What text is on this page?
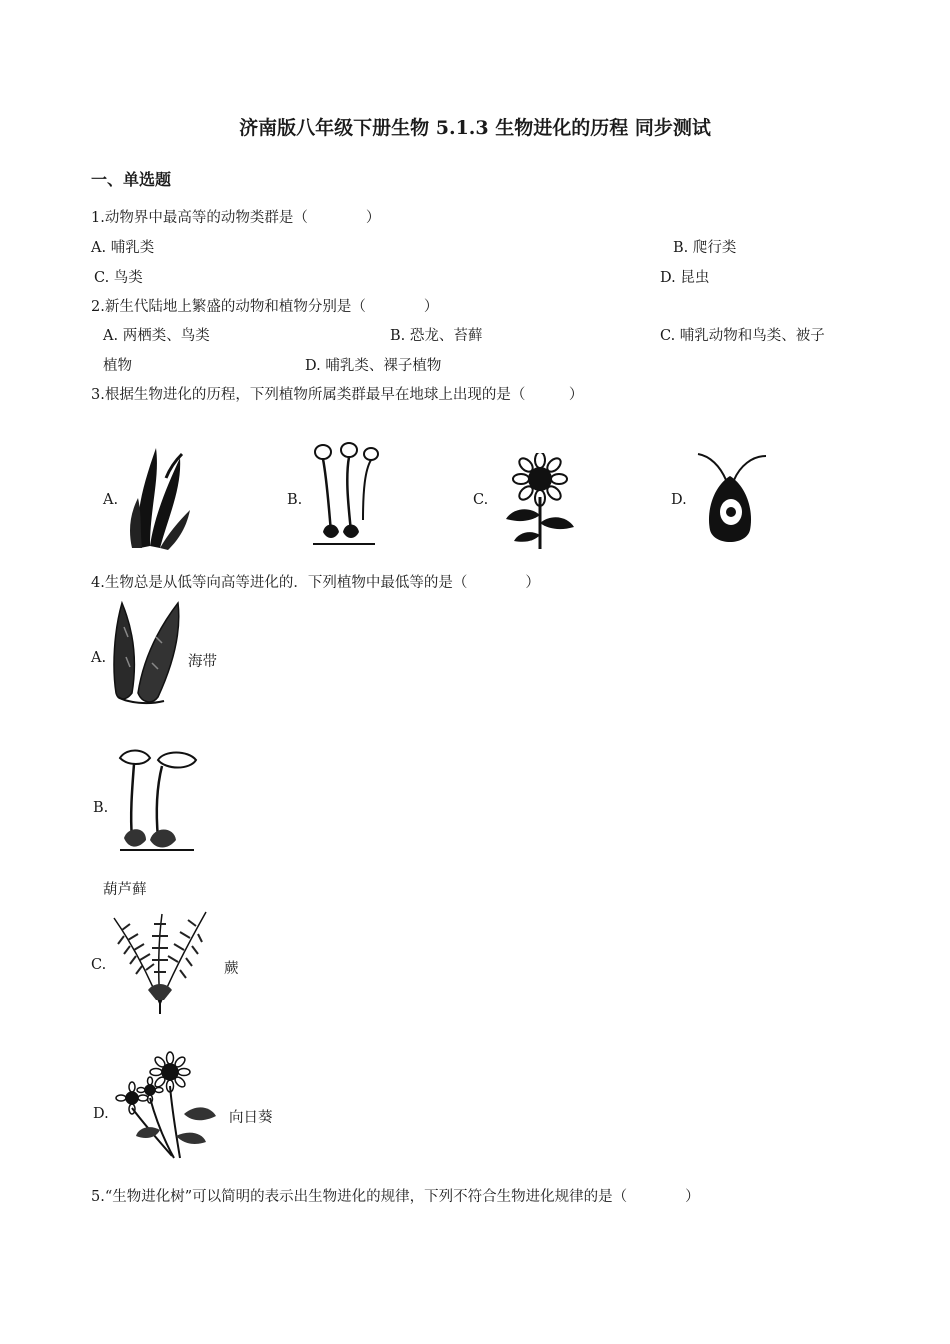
济南版八年级下册生物 5.1.3 生物进化的历程 同步测试
一、单选题
1.动物界中最高等的动物类群是（　　　　）
A. 哺乳类	B. 爬行类
C. 鸟类	D. 昆虫
2.新生代陆地上繁盛的动物和植物分别是（　　　　）
A. 两栖类、鸟类	B. 恐龙、苔藓	C. 哺乳动物和鸟类、被子
植物	D. 哺乳类、裸子植物
3.根据生物进化的历程，下列植物所属类群最早在地球上出现的是（　　　）
A.	B.	C.	D.
4.生物总是从低等向高等进化的．下列植物中最低等的是（　　　　）
A.	海带
B.
葫芦藓
C.	蕨
D.	向日葵
5.“生物进化树”可以简明的表示出生物进化的规律，下列不符合生物进化规律的是（　　　　）
